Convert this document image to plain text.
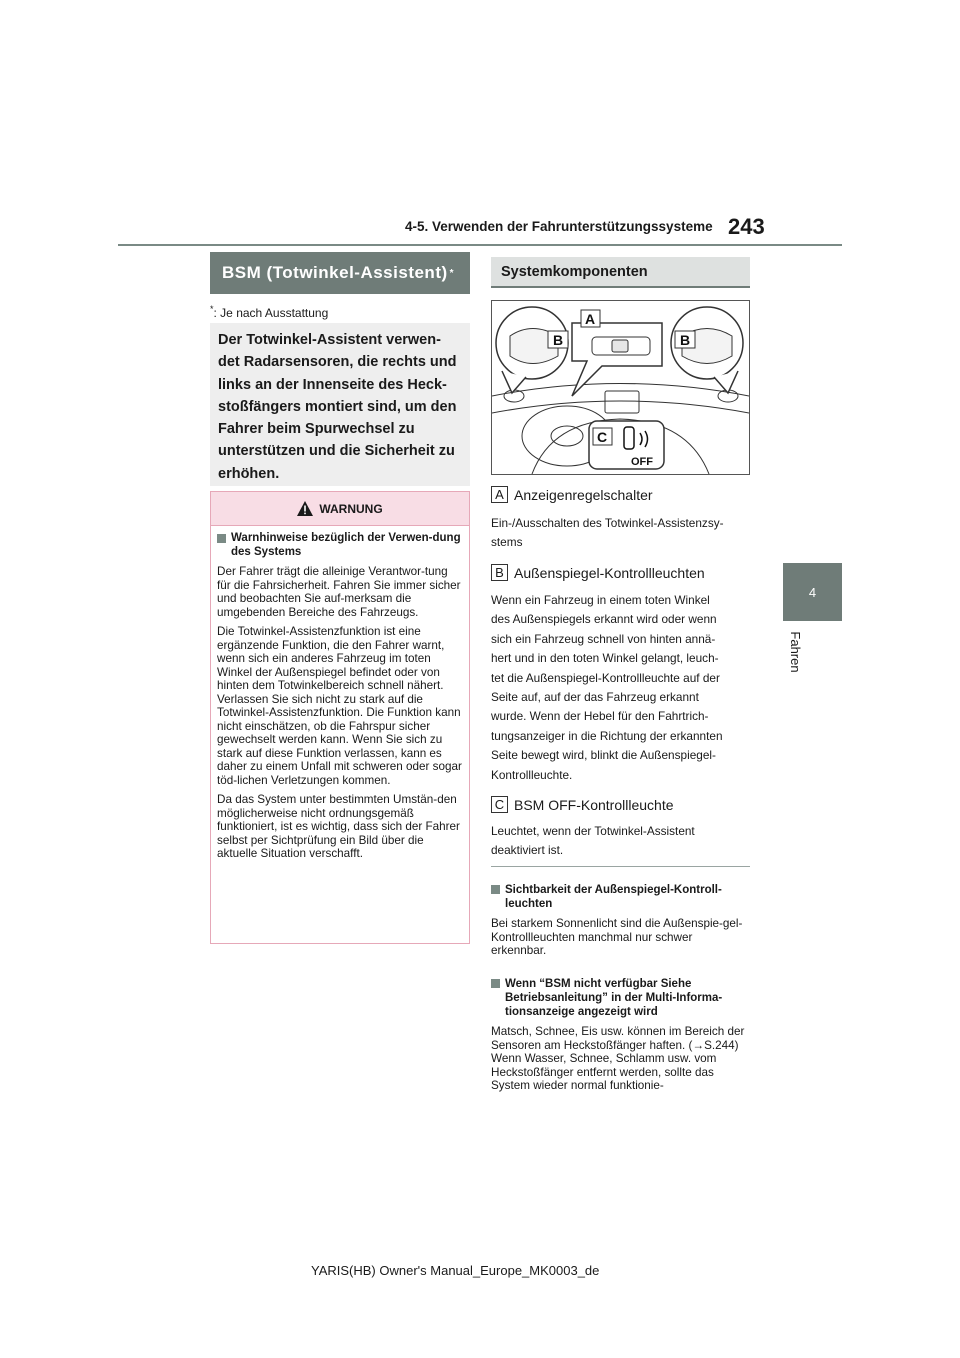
4-5. Verwenden der Fahrunterstützungssysteme 243
4
Fahren
BSM (Totwinkel-Assistent) *
*: Je nach Ausstattung
Der Totwinkel-Assistent verwen-
det Radarsensoren, die rechts und
links an der Innenseite des Heck-
stoßfängers montiert sind, um den
Fahrer beim Spurwechsel zu
unterstützen und die Sicherheit zu
erhöhen.
WARNUNG
Warnhinweise bezüglich der Verwen-dung des Systems

Der Fahrer trägt die alleinige Verantwor-tung für die Fahrsicherheit. Fahren Sie immer sicher und beobachten Sie auf-merksam die umgebenden Bereiche des Fahrzeugs.

Die Totwinkel-Assistenzfunktion ist eine ergänzende Funktion, die den Fahrer warnt, wenn sich ein anderes Fahrzeug im toten Winkel der Außenspiegel befindet oder von hinten dem Totwinkelbereich schnell nähert. Verlassen Sie sich nicht zu stark auf die Totwinkel-Assistenzfunktion. Die Funktion kann nicht einschätzen, ob die Fahrspur sicher gewechselt werden kann. Wenn Sie sich zu stark auf diese Funktion verlassen, kann es daher zu einem Unfall mit schweren oder sogar töd-lichen Verletzungen kommen.

Da das System unter bestimmten Umstän-den möglicherweise nicht ordnungsgemäß funktioniert, ist es wichtig, dass sich der Fahrer selbst per Sichtprüfung ein Bild über die aktuelle Situation verschafft.

Systemkomponenten
B	B
A
C
OFF
A Anzeigenregelschalter
Ein-/Ausschalten des Totwinkel-Assistenzsy-
stems
B Außenspiegel-Kontrollleuchten
Wenn ein Fahrzeug in einem toten Winkel
des Außenspiegels erkannt wird oder wenn
sich ein Fahrzeug schnell von hinten annä-
hert und in den toten Winkel gelangt, leuch-
tet die Außenspiegel-Kontrollleuchte auf der
Seite auf, auf der das Fahrzeug erkannt
wurde. Wenn der Hebel für den Fahrtrich-
tungsanzeiger in die Richtung der erkannten
Seite bewegt wird, blinkt die Außenspiegel-
Kontrollleuchte.
C BSM OFF-Kontrollleuchte
Leuchtet, wenn der Totwinkel-Assistent
deaktiviert ist.
Sichtbarkeit der Außenspiegel-Kontroll-leuchten
Bei starkem Sonnenlicht sind die Außenspie-gel-Kontrollleuchten manchmal nur schwer erkennbar.
Wenn “BSM nicht verfügbar Siehe Betriebsanleitung” in der Multi-Informa-tionsanzeige angezeigt wird
Matsch, Schnee, Eis usw. können im Bereich der Sensoren am Heckstoßfänger haften. (→S.244) Wenn Wasser, Schnee, Schlamm usw. vom Heckstoßfänger entfernt werden, sollte das System wieder normal funktionie-
YARIS(HB) Owner's Manual_Europe_MK0003_de
